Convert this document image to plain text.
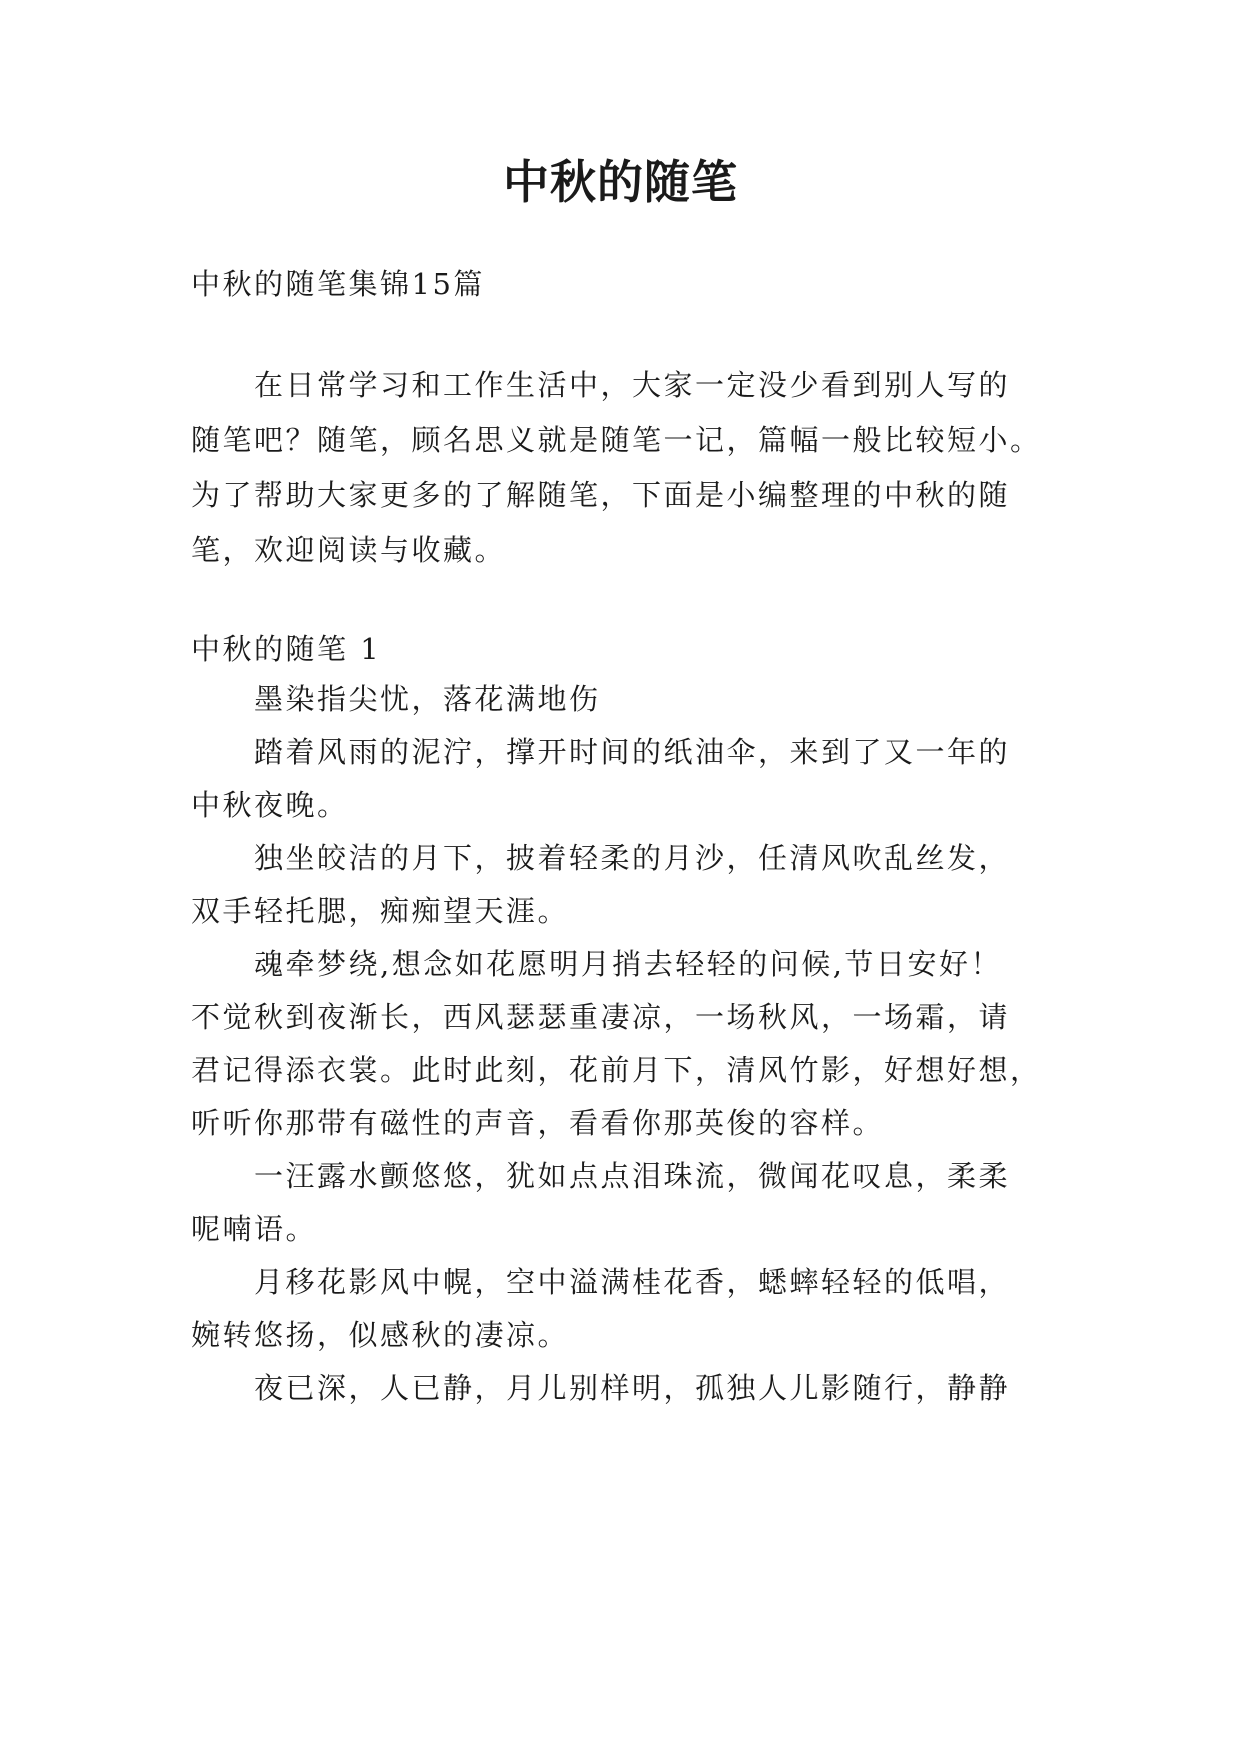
中秋的随笔
中秋的随笔集锦15篇
　　在日常学习和工作生活中，大家一定没少看到别人写的
随笔吧？随笔，顾名思义就是随笔一记，篇幅一般比较短小。
为了帮助大家更多的了解随笔，下面是小编整理的中秋的随
笔，欢迎阅读与收藏。
中秋的随笔 1
　　墨染指尖忧，落花满地伤
　　踏着风雨的泥泞，撑开时间的纸油伞，来到了又一年的
中秋夜晚。
　　独坐皎洁的月下，披着轻柔的月沙，任清风吹乱丝发，
双手轻托腮，痴痴望天涯。
　　魂牵梦绕,想念如花愿明月捎去轻轻的问候,节日安好！
不觉秋到夜渐长，西风瑟瑟重凄凉，一场秋风，一场霜，请
君记得添衣裳。此时此刻，花前月下，清风竹影，好想好想，
听听你那带有磁性的声音，看看你那英俊的容样。
　　一汪露水颤悠悠，犹如点点泪珠流，微闻花叹息，柔柔
呢喃语。
　　月移花影风中幌，空中溢满桂花香，蟋蟀轻轻的低唱，
婉转悠扬，似感秋的凄凉。
　　夜已深，人已静，月儿别样明，孤独人儿影随行，静静
